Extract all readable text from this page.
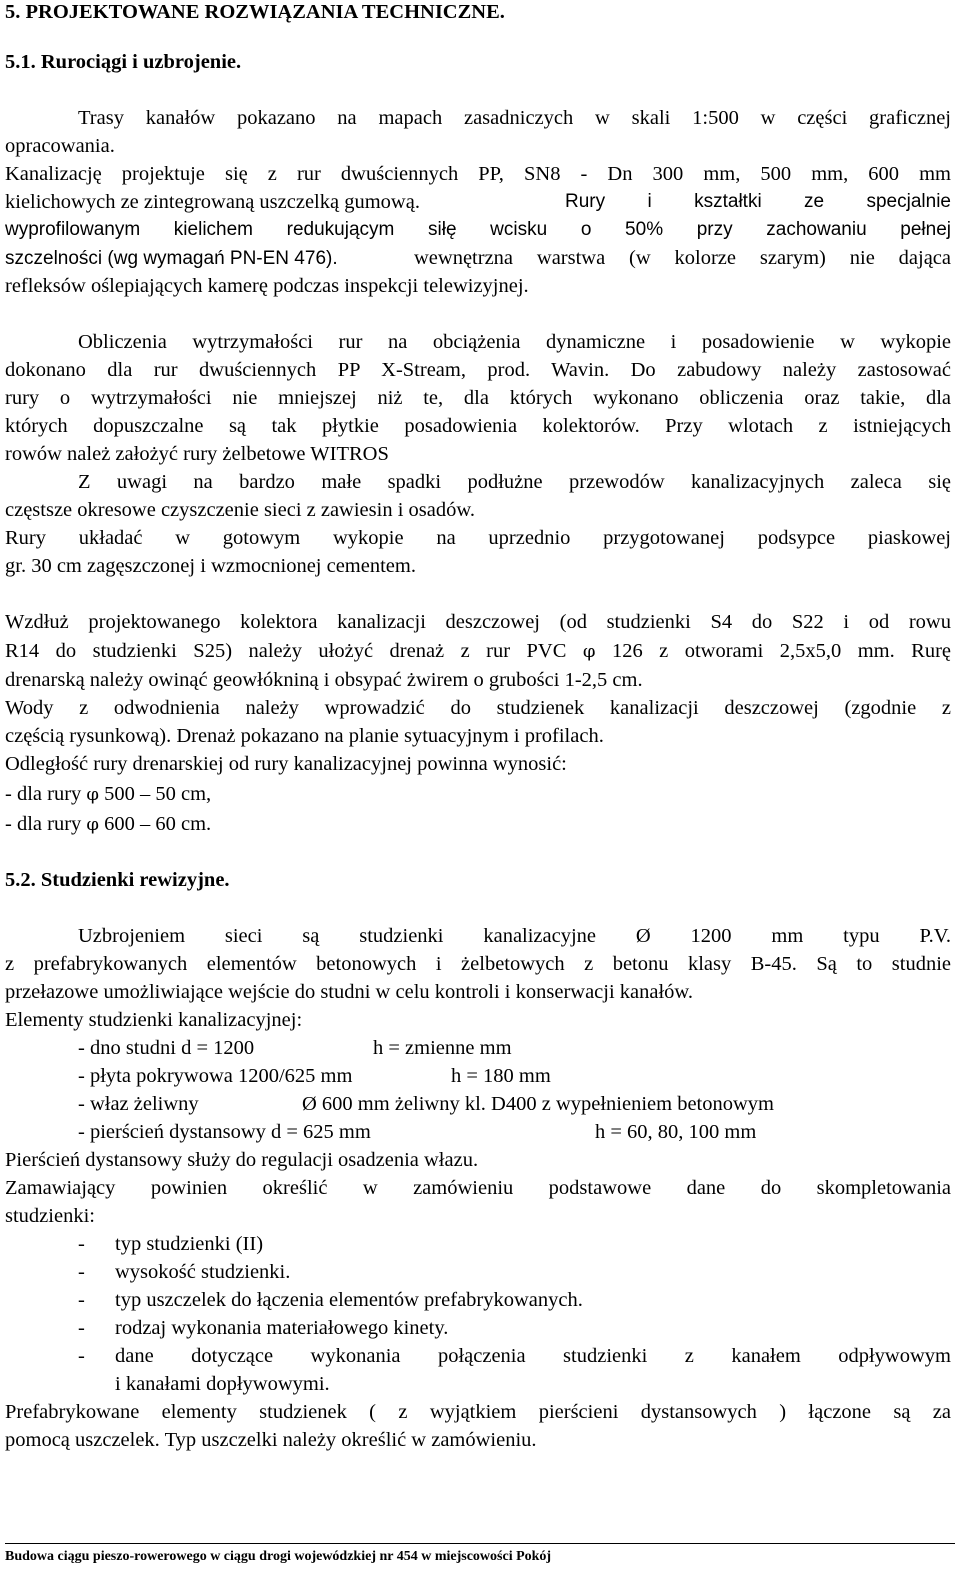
5. PROJEKTOWANE ROZWIĄZANIA TECHNICZNE.
5.1. Rurociągi i uzbrojenie.
Trasy kanałów pokazano na mapach zasadniczych w skali 1:500 w części graficznej
opracowania.
Kanalizację projektuje się z rur dwuściennych PP, SN8 - Dn 300 mm, 500 mm, 600 mm
kielichowych ze zintegrowaną uszczelką gumową.	Rury i kształtki ze specjalnie
wyprofilowanym kielichem redukującym siłę wcisku o 50% przy zachowaniu pełnej
szczelności (wg wymagań PN-EN 476).	wewnętrzna warstwa (w kolorze szarym) nie dająca
refleksów oślepiających kamerę podczas inspekcji telewizyjnej.
Obliczenia wytrzymałości rur na obciążenia dynamiczne i posadowienie w wykopie
dokonano dla rur dwuściennych PP X-Stream, prod. Wavin. Do zabudowy należy zastosować
rury o wytrzymałości nie mniejszej niż te, dla których wykonano obliczenia oraz takie, dla
których dopuszczalne są tak płytkie posadowienia kolektorów. Przy wlotach z istniejących
rowów należ założyć rury żelbetowe WITROS
Z uwagi na bardzo małe spadki podłużne przewodów kanalizacyjnych zaleca się
częstsze okresowe czyszczenie sieci z zawiesin i osadów.
Rury układać w gotowym wykopie na uprzednio przygotowanej podsypce piaskowej
gr. 30 cm zagęszczonej i wzmocnionej cementem.
Wzdłuż projektowanego kolektora kanalizacji deszczowej (od studzienki S4 do S22 i od rowu
R14 do studzienki S25) należy ułożyć drenaż z rur PVC φ 126 z otworami 2,5x5,0 mm. Rurę
drenarską należy owinąć geowłókniną i obsypać żwirem o grubości 1-2,5 cm.
Wody z odwodnienia należy wprowadzić do studzienek kanalizacji deszczowej (zgodnie z
częścią rysunkową). Drenaż pokazano na planie sytuacyjnym i profilach.
Odległość rury drenarskiej od rury kanalizacyjnej powinna wynosić:
- dla rury φ 500 – 50 cm,
- dla rury φ 600 – 60 cm.
5.2. Studzienki rewizyjne.
Uzbrojeniem sieci są studzienki kanalizacyjne Ø 1200 mm typu P.V.
z prefabrykowanych elementów betonowych i żelbetowych z betonu klasy B-45. Są to studnie
przełazowe umożliwiające wejście do studni w celu kontroli i konserwacji kanałów.
Elementy studzienki kanalizacyjnej:
- dno studni d = 1200	h = zmienne mm
- płyta pokrywowa 1200/625 mm	h = 180 mm
- właz żeliwny	Ø 600 mm żeliwny kl. D400 z wypełnieniem betonowym
- pierścień dystansowy d = 625 mm	h = 60, 80, 100 mm
Pierścień dystansowy służy do regulacji osadzenia włazu.
Zamawiający powinien określić w zamówieniu podstawowe dane do skompletowania
studzienki:
- typ studzienki (II)
- wysokość studzienki.
- typ uszczelek do łączenia elementów prefabrykowanych.
- rodzaj wykonania materiałowego kinety.
- dane dotyczące wykonania połączenia studzienki z kanałem odpływowym
i kanałami dopływowymi.
Prefabrykowane elementy studzienek ( z wyjątkiem pierścieni dystansowych ) łączone są za
pomocą uszczelek. Typ uszczelki należy określić w zamówieniu.
Budowa ciągu pieszo-rowerowego w ciągu drogi wojewódzkiej nr 454 w miejscowości Pokój
